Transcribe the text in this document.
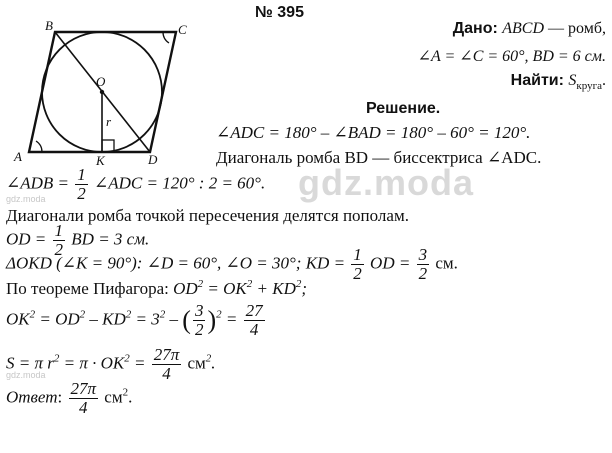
B	C
A	D
O
K
r
№ 395
Дано: ABCD — ромб,
∠A = ∠C = 60°, BD = 6 см.
Найти: $S_{круга}$.
Решение.
∠ADC = 180° – ∠BAD = 180° – 60° = 120°.
Диагональ ромба BD — биссектриса ∠ADC.
∠ADB = $\frac{1}{2}$ ∠ADC = 120° : 2 = 60°.
Диагонали ромба точкой пересечения делятся пополам.
OD = $\frac{1}{2}$ BD = 3 см.
ΔOKD (∠K = 90°): ∠D = 60°, ∠O = 30°; KD = $\frac{1}{2}$ OD = $\frac{3}{2}$ см.
По теореме Пифагора: $OD^2 = OK^2 + KD^2$;
$OK^2 = OD^2 - KD^2 = 3^2$ – ( $\frac{3}{2} )^2 = \frac{27}{4}$
S = π $r^2 = \pi \cdot OK^2 = \frac{27\pi}{4} см^2$.
Ответ: $\frac{27\pi}{4} см^2$.
gdz.moda
gdz.moda
gdz.moda
